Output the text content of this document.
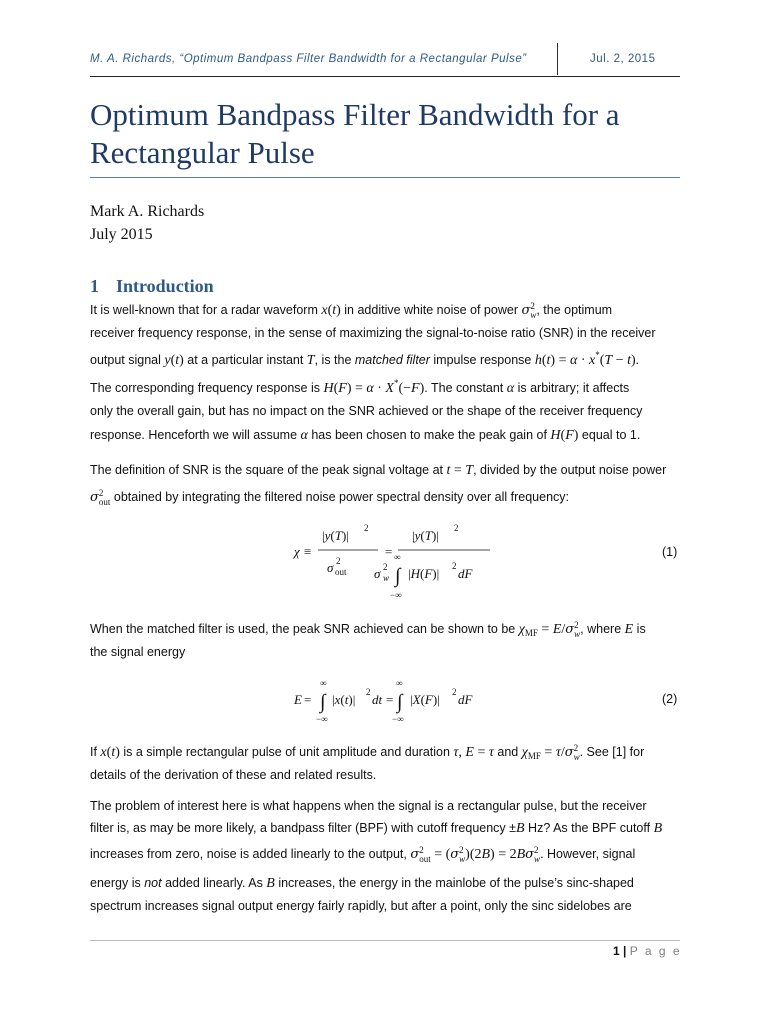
M. A. Richards, “Optimum Bandpass Filter Bandwidth for a Rectangular Pulse”	Jul. 2, 2015
Optimum Bandpass Filter Bandwidth for a
Rectangular Pulse
Mark A. Richards
July 2015
1 Introduction
It is well-known that for a radar waveform x(t) in additive white noise of power σ2
w, the optimum
receiver frequency response, in the sense of maximizing the signal-to-noise ratio (SNR) in the receiver
output signal y(t) at a particular instant T, is the matched filter impulse response h(t) = α · x*(T − t).
The corresponding frequency response is H(F) = α · X*(−F). The constant α is arbitrary; it affects
only the overall gain, but has no impact on the SNR achieved or the shape of the receiver frequency
response. Henceforth we will assume α has been chosen to make the peak gain of H(F) equal to 1.
The definition of SNR is the square of the peak signal voltage at t = T, divided by the output noise power
σ2
out obtained by integrating the filtered noise power spectral density over all frequency:
χ ≡
|y(T)| 2
σ 2
out
=
|y(T)| 2
σ 2
w
∞
∫
−∞
|H(F)| 2 dF
(1)
When the matched filter is used, the peak SNR achieved can be shown to be $\chi_{MF} = E/\sigma 2$
w, where E is
the signal energy
E =
∞
∫
−∞
|x(t)| 2 dt =
∞
∫
−∞
|X(F)| 2 dF	(2)
If x(t) is a simple rectangular pulse of unit amplitude and duration τ, E = τ and $\chi_{MF} = \tau/\sigma 2$
w. See [1] for
details of the derivation of these and related results.
The problem of interest here is what happens when the signal is a rectangular pulse, but the receiver
filter is, as may be more likely, a bandpass filter (BPF) with cutoff frequency ±B Hz? As the BPF cutoff B
increases from zero, noise is added linearly to the output, σ2
out = (σ2
w)(2B) = 2Bσ2
w. However, signal
energy is not added linearly. As B increases, the energy in the mainlobe of the pulse’s sinc-shaped
spectrum increases signal output energy fairly rapidly, but after a point, only the sinc sidelobes are
1 | P a g e
